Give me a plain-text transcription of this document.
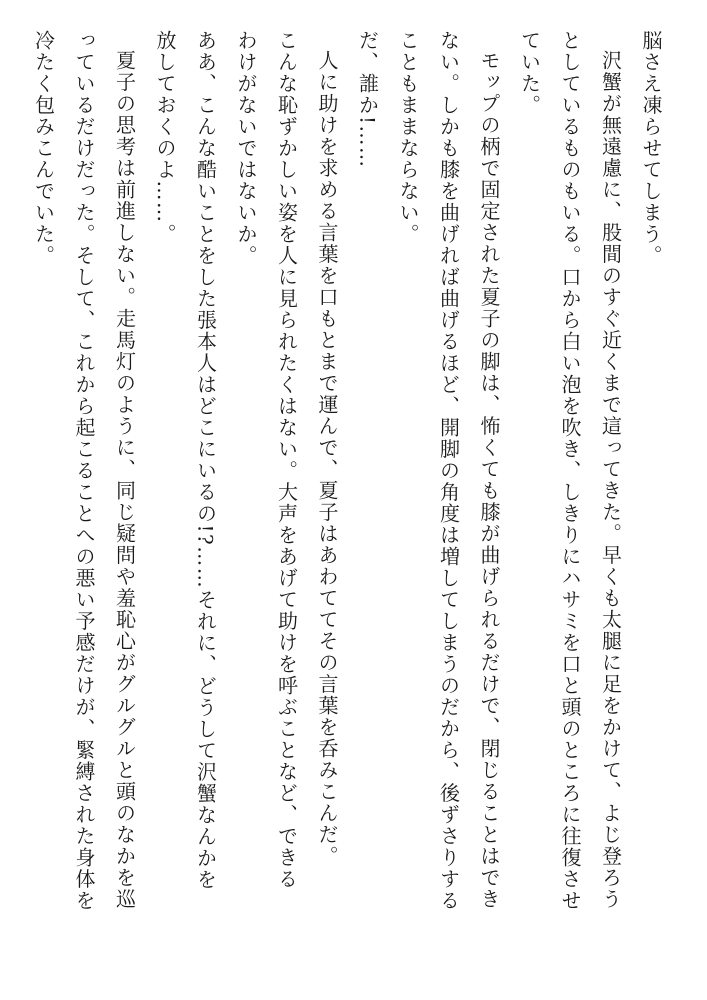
脳さえ凍らせてしまう。
沢蟹が無遠慮に、股間のすぐ近くまで這ってきた。早くも太腿に足をかけて、よじ登ろう
としているものもいる。口から白い泡を吹き、しきりにハサミを口と頭のところに往復させ
ていた。
モップの柄で固定された夏子の脚は、怖くても膝が曲げられるだけで、閉じることはでき
ない。しかも膝を曲げれば曲げるほど、開脚の角度は増してしまうのだから、後ずさりする
こともままならない。
だ、誰か!……
人に助けを求める言葉を口もとまで運んで、夏子はあわててその言葉を呑みこんだ。
こんな恥ずかしい姿を人に見られたくはない。大声をあげて助けを呼ぶことなど、できる
わけがないではないか。
ああ、こんな酷いことをした張本人はどこにいるの!?……それに、どうして沢蟹なんかを
放しておくのよ……。
夏子の思考は前進しない。走馬灯のように、同じ疑問や羞恥心がグルグルと頭のなかを巡
っているだけだった。そして、これから起こることへの悪い予感だけが、緊縛された身体を
冷たく包みこんでいた。
